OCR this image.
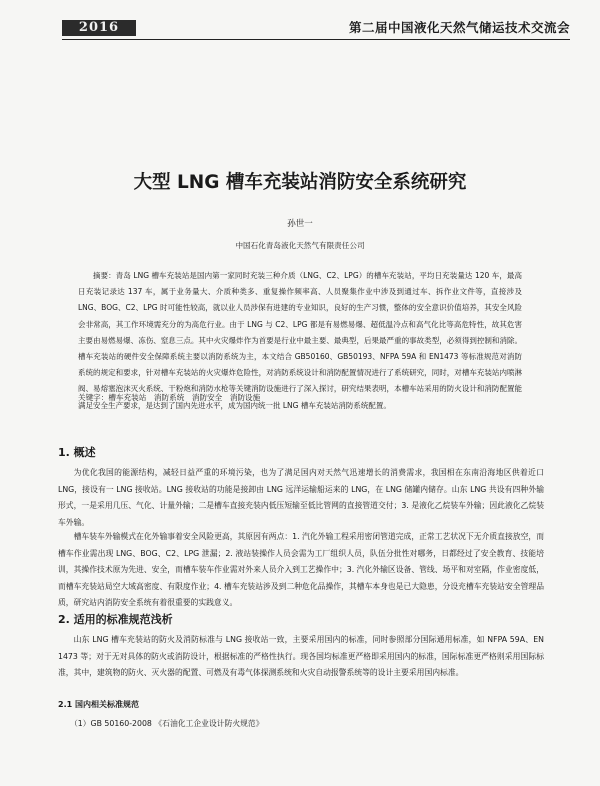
2016	第二届中国液化天然气储运技术交流会
大型 LNG 槽车充装站消防安全系统研究
孙世一
中国石化青岛液化天然气有限责任公司
摘要：青岛 LNG 槽车充装站是国内第一家同时充装三种介质（LNG、C2、LPG）的槽车充装站，平均日充装量达 120 车，最高日充装记录达 137 车，属于业务量大、介质种类多、重复操作频率高、人员聚集作业中涉及到通过车、拆作业文件等，直接涉及 LNG、BOG、C2、LPG 时可能性较高，就以业人员涉保有进建的专业知识，良好的生产习惯，整体的安全意识价值培养，其安全风险会非常高，其工作环境需充分的为高危行业。由于 LNG 与 C2、LPG 都是有易燃易爆、超低温冷点和高气化比等高危特性，故其危害主要由易燃易爆、冻伤、窒息三点。其中火灾爆炸作为首要是行业中最主要、最典型，后果最严重的事故类型，必须得到控制和消除。槽车充装站的硬件安全保障系统主要以消防系统为主，本文结合 GB50160、GB50193、NFPA 59A 和 EN1473 等标准规范对消防系统的规定和要求，针对槽车充装站的火灾爆炸危险性，对消防系统设计和消防配置情况进行了系统研究，同时，对槽车充装站内喷淋阀、易熔塞泡沫灭火系统、干粉炮和消防水枪等关键消防设施进行了深入探讨，研究结果表明，本槽车站采用的防火设计和消防配置能满足安全生产要求，是达到了国内先进水平，成为国内统一批 LNG 槽车充装站消防系统配置。
关键字：槽车充装站　消防系统　消防安全　消防设施
1. 概述
为优化我国的能源结构，减轻日益严重的环境污染，也为了满足国内对天然气迅速增长的消费需求，我国相在东南沿海地区供着近口 LNG，接设有一 LNG 接收站。LNG 接收站的功能是接卸由 LNG 远洋运输船运来的 LNG，在 LNG 储罐内储存。山东 LNG 共设有四种外输形式，一是采用几压、气化、计量外输；二是槽车直接充装内低压短输至低比管网的直接管道交付；3. 是液化乙烷装车外输；因此液化乙烷装车外输。
槽车装车外输模式在化外输事着安全风险更高，其原因有两点：1. 汽化外输工程采用密闭管道完成，正常工艺状况下无介质直接放空，而槽车作业需出现 LNG、BOG、C2、LPG 泄漏；2. 液站装操作人员会需为工厂组织人员，队伍分批性对哪务，日都经过了安全教育、技能培训，其操作技术原为先进、安全，而槽车装车作业需对外来人员介入到工艺操作中；3. 汽化外输区设备、管线、场平和对室隔，作业密度低，而槽车充装站局空大域高密度、有限度作业；4. 槽车充装站涉及到二种危化品操作，其槽车本身也是已大隐患，分设充槽车充装站安全管理品质，研究站内消防安全系统有着很重要的实践意义。
2. 适用的标准规范浅析
山东 LNG 槽车充装站的防火及消防标准与 LNG 接收站一致，主要采用国内的标准，同时参照部分国际通用标准，如 NFPA 59A、EN 1473 等；对于无对具体的防火或消防设计，根据标准的严格性执行。现各国均标准更严格即采用国内的标准，国际标准更严格则采用国际标准，其中，建筑物的防火、灭火器的配置、可燃及有毒气体探测系统和火灾自动报警系统等的设计主要采用国内标准。
2.1 国内相关标准规范
（1）GB 50160-2008 《石油化工企业设计防火规范》
